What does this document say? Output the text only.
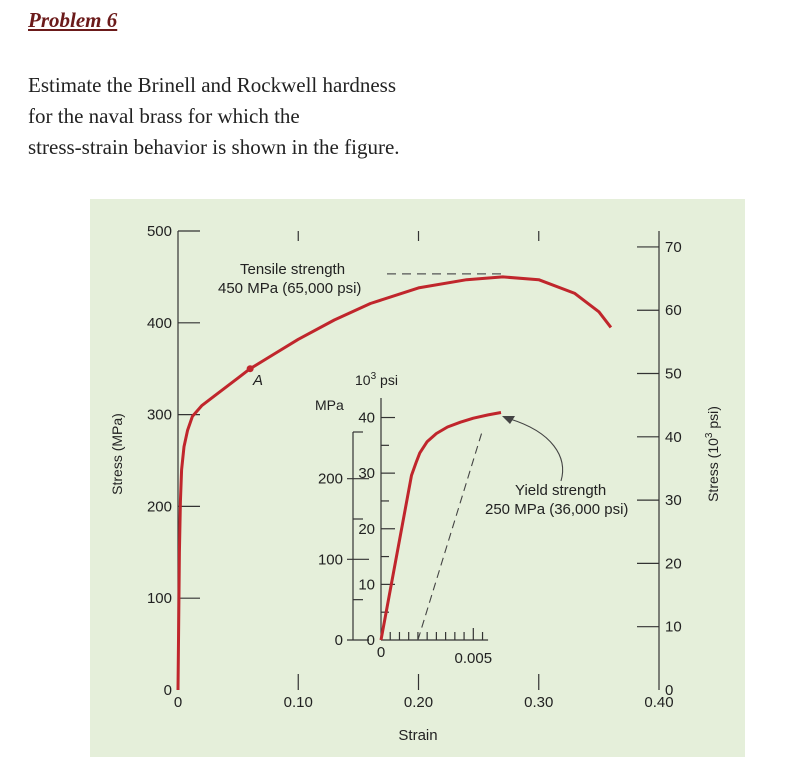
Problem 6
Estimate the Brinell and Rockwell hardness
for the naval brass for which the
stress-strain behavior is shown in the figure.
0
100
200
300
400
500
0
10
20
30
40
50
60
70
0	0.10	0.20	0.30	0.40
0
100
200
0
10
20
30
40
0	0.005
Tensile strength
450 MPa (65,000 psi)
Yield strength
250 MPa (36,000 psi)
A
MPa
$10^3$ psi
Strain
Stress (MPa)	Stress ($10^3$ psi)
